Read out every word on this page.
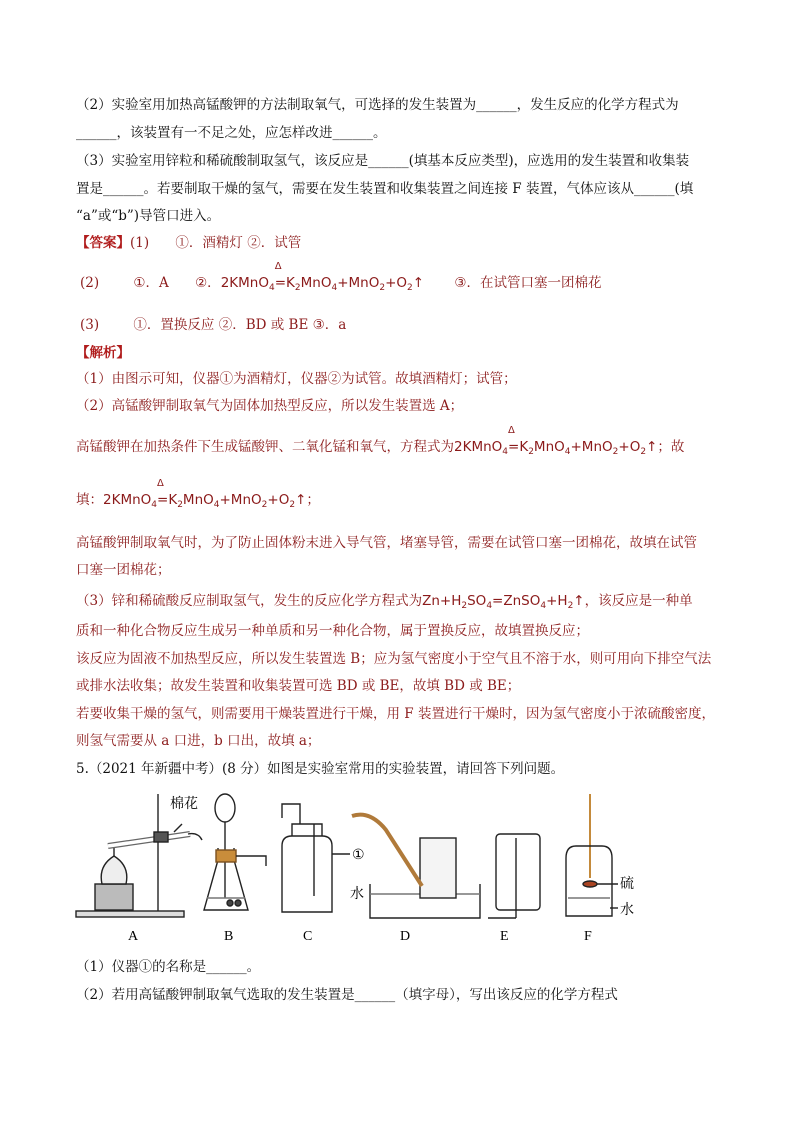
（2）实验室用加热高锰酸钾的方法制取氧气，可选择的发生装置为______，发生反应的化学方程式为
______，该装置有一不足之处，应怎样改进______。
（3）实验室用锌粒和稀硫酸制取氢气，该反应是______(填基本反应类型)，应选用的发生装置和收集装
置是______。若要制取干燥的氢气，需要在发生装置和收集装置之间连接 F 装置，气体应该从______(填
“a”或“b”)导管口进入。
【答案】(1) ①．酒精灯 ②．试管
(2)	①．A ②．2KMnO$_4$=
Δ
$K_2MnO_4+MnO_2+O_2↑$ ③．在试管口塞一团棉花
(3)	①．置换反应 ②．BD 或 BE ③．a
【解析】
（1）由图示可知，仪器①为酒精灯，仪器②为试管。故填酒精灯；试管；
（2）高锰酸钾制取氧气为固体加热型反应，所以发生装置选 A；
高锰酸钾在加热条件下生成锰酸钾、二氧化锰和氧气，方程式为2KMnO$_4$=
Δ
$K_2MnO_4+MnO_2+O_2↑$；故
填：2KMnO$_4$=
Δ
$K_2MnO_4+MnO_2+O_2↑$；
高锰酸钾制取氧气时，为了防止固体粉末进入导气管，堵塞导管，需要在试管口塞一团棉花，故填在试管
口塞一团棉花；
（3）锌和稀硫酸反应制取氢气，发生的反应化学方程式为$Zn+H_2SO_4=ZnSO_4+H_2↑$，该反应是一种单
质和一种化合物反应生成另一种单质和另一种化合物，属于置换反应，故填置换反应；
该反应为固液不加热型反应，所以发生装置选 B；应为氢气密度小于空气且不溶于水，则可用向下排空气法
或排水法收集；故发生装置和收集装置可选 BD 或 BE，故填 BD 或 BE；
若要收集干燥的氢气，则需要用干燥装置进行干燥，用 F 装置进行干燥时，因为氢气密度小于浓硫酸密度，
则氢气需要从 a 口进，b 口出，故填 a；
5.（2021 年新疆中考）(8 分）如图是实验室常用的实验装置，请回答下列问题。
棉花
①
水
硫
水
A	B	C	D	E	F
（1）仪器①的名称是______。
（2）若用高锰酸钾制取氧气选取的发生装置是______（填字母），写出该反应的化学方程式
